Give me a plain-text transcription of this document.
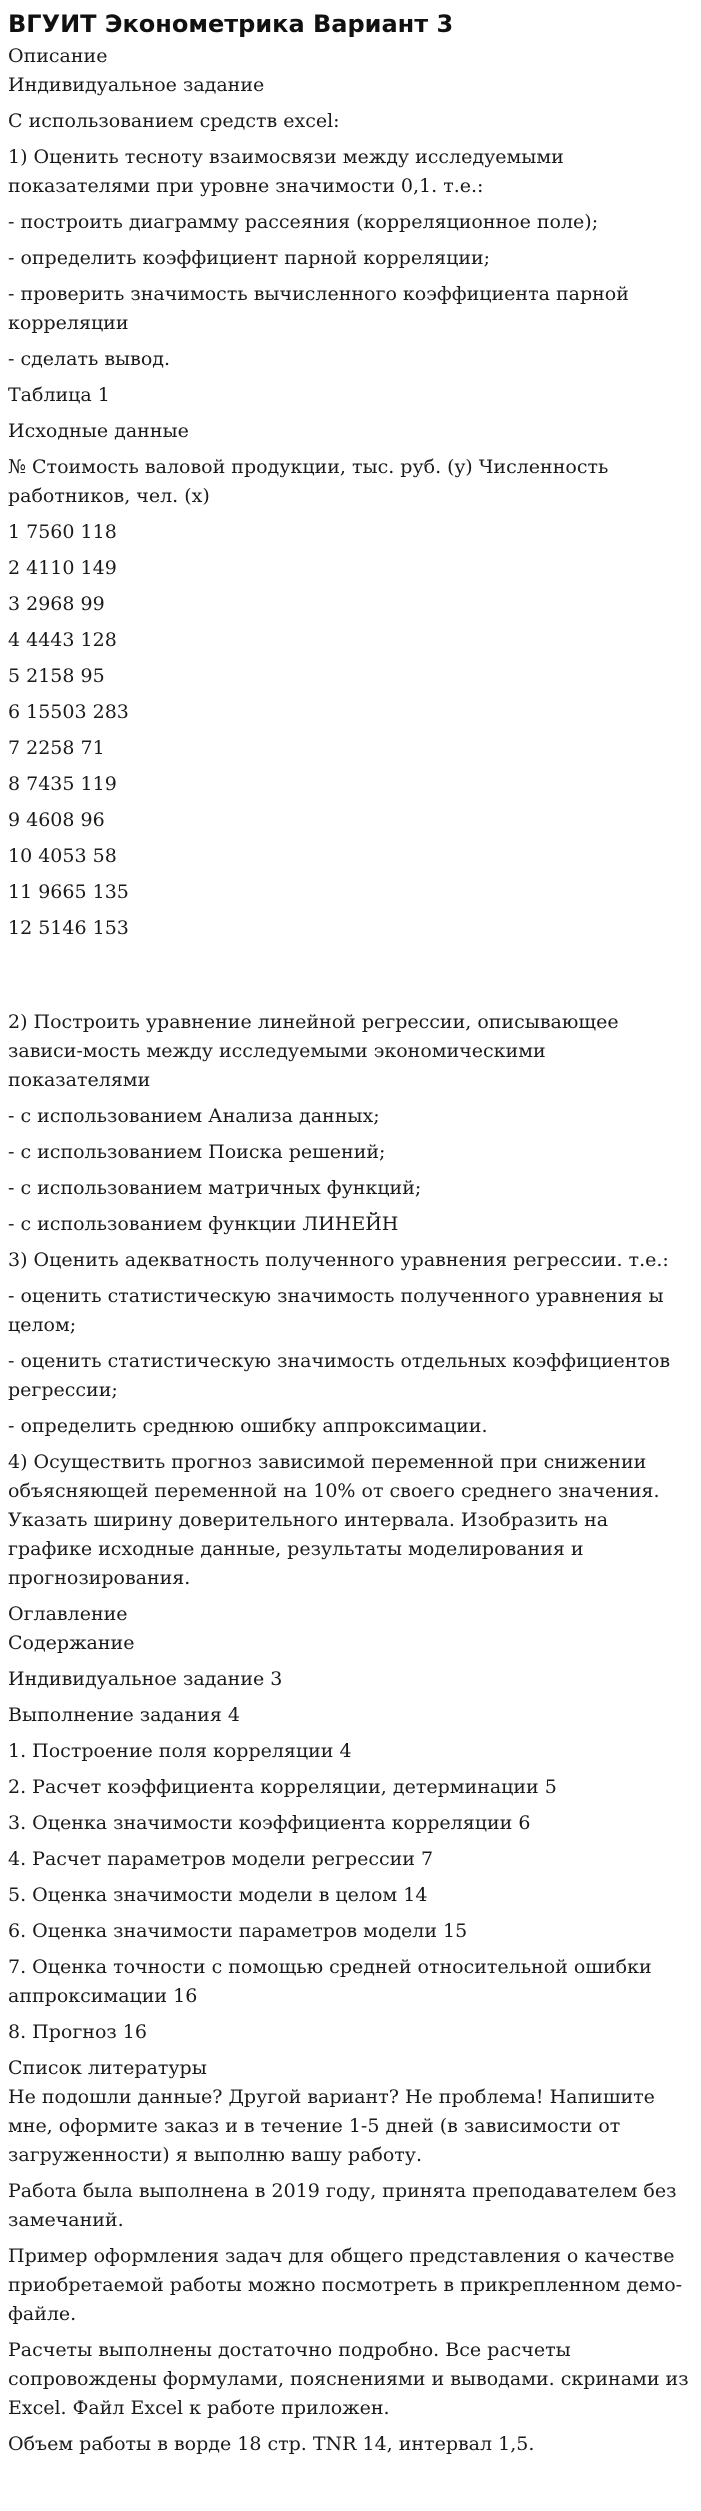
ВГУИТ Эконометрика Вариант 3
Описание
Индивидуальное задание

С использованием средств excel:

1) Оценить тесноту взаимосвязи между исследуемыми показателями при уровне значимости 0,1. т.е.:

- построить диаграмму рассеяния (корреляционное поле);

- определить коэффициент парной корреляции;

- проверить значимость вычисленного коэффициента парной корреляции

- сделать вывод.

Таблица 1

Исходные данные

№ Стоимость валовой продукции, тыс. руб. (y) Численность работников, чел. (x)

1 7560 118

2 4110 149

3 2968 99

4 4443 128

5 2158 95

6 15503 283

7 2258 71

8 7435 119

9 4608 96

10 4053 58

11 9665 135

12 5146 153

2) Построить уравнение линейной регрессии, описывающее зависи-мость между исследуемыми экономическими показателями

- с использованием Анализа данных;

- с использованием Поиска решений;

- с использованием матричных функций;

- с использованием функции ЛИНЕЙН

3) Оценить адекватность полученного уравнения регрессии. т.е.:

- оценить статистическую значимость полученного уравнения ы целом;

- оценить статистическую значимость отдельных коэффициентов регрессии;

- определить среднюю ошибку аппроксимации.

4) Осуществить прогноз зависимой переменной при снижении объясняющей переменной на 10% от своего среднего значения. Указать ширину доверительного интервала. Изобразить на графике исходные данные, результаты моделирования и прогнозирования.

Оглавление
Содержание

Индивидуальное задание 3

Выполнение задания 4

1. Построение поля корреляции 4

2. Расчет коэффициента корреляции, детерминации 5

3. Оценка значимости коэффициента корреляции 6

4. Расчет параметров модели регрессии 7

5. Оценка значимости модели в целом 14

6. Оценка значимости параметров модели 15

7. Оценка точности с помощью средней относительной ошибки аппроксимации 16

8. Прогноз 16

Список литературы

Не подошли данные? Другой вариант? Не проблема! Напишите мне, оформите заказ и в течение 1-5 дней (в зависимости от загруженности) я выполню вашу работу.

Работа была выполнена в 2019 году, принята преподавателем без замечаний.

Пример оформления задач для общего представления о качестве приобретаемой работы можно посмотреть в прикрепленном демо-файле.

Расчеты выполнены достаточно подробно. Все расчеты сопровождены формулами, пояснениями и выводами. скринами из Excel. Файл Excel к работе приложен.

Объем работы в ворде 18 стр. TNR 14, интервал 1,5.
